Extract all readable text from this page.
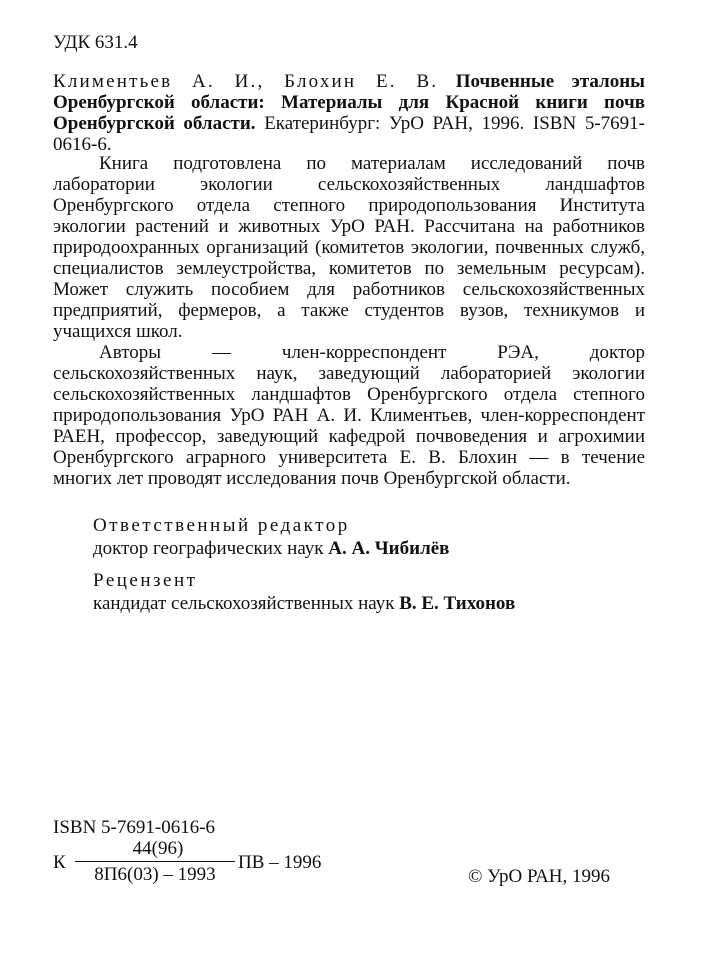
УДК 631.4
Климентьев А. И., Блохин Е. В. Почвенные эталоны Оренбургской области: Материалы для Красной книги почв Оренбургской области. Екатеринбург: УрО РАН, 1996. ISBN 5-7691-0616-6.

Книга подготовлена по материалам исследований почв лаборатории экологии сельскохозяйственных ландшафтов Оренбургского отдела степного природопользования Института экологии растений и животных УрО РАН. Рассчитана на работников природоохранных организаций (комитетов экологии, почвенных служб, специалистов землеустройства, комитетов по земельным ресурсам). Может служить пособием для работников сельскохозяйственных предприятий, фермеров, а также студентов вузов, техникумов и учащихся школ.

Авторы — член-корреспондент РЭА, доктор сельскохозяйственных наук, заведующий лабораторией экологии сельскохозяйственных ландшафтов Оренбургского отдела степного природопользования УрО РАН А. И. Климентьев, член-корреспондент РАЕН, профессор, заведующий кафедрой почвоведения и агрохимии Оренбургского аграрного университета Е. В. Блохин — в течение многих лет проводят исследования почв Оренбургской области.

Ответственный редактор
доктор географических наук А. А. Чибилёв
Рецензент
кандидат сельскохозяйственных наук В. Е. Тихонов
ISBN 5-7691-0616-6
К
44(96)
8П6(03) – 1993
ПВ – 1996
© УрО РАН, 1996
